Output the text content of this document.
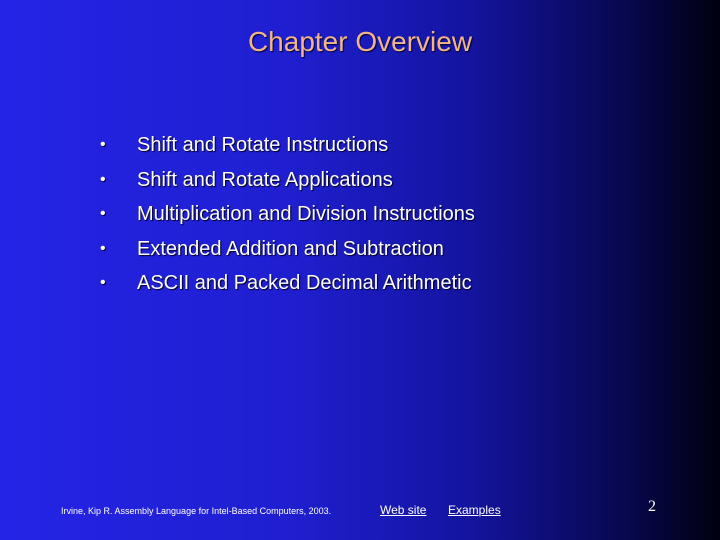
Chapter Overview
• Shift and Rotate Instructions
• Shift and Rotate Applications
• Multiplication and Division Instructions
• Extended Addition and Subtraction
• ASCII and Packed Decimal Arithmetic
Irvine, Kip R. Assembly Language for Intel-Based Computers, 2003.	Web site Examples	2
